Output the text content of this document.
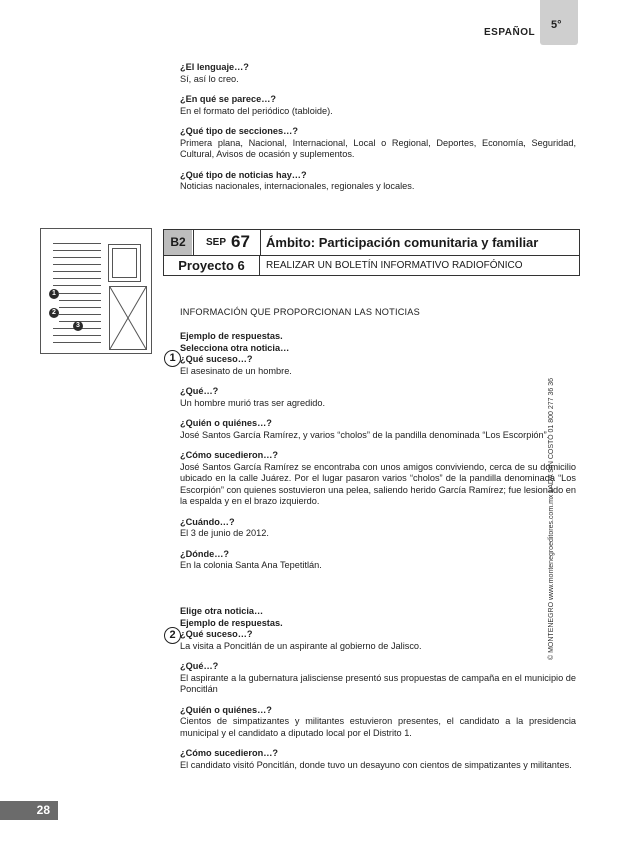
ESPAÑOL
5°

¿El lenguaje…?

Sí, así lo creo.

¿En qué se parece…?

En el formato del periódico (tabloide).

¿Qué tipo de secciones…?

Primera plana, Nacional, Internacional, Local o Regional, Deportes, Economía, Seguridad, Cultural, Avisos de ocasión y suplementos.

¿Qué tipo de noticias hay…?

Noticias nacionales, internacionales, regionales y locales.

1
2
3
B2	SEP 67 Ámbito: Participación comunitaria y familiar
Proyecto 6	REALIZAR UN BOLETÍN INFORMATIVO RADIOFÓNICO
INFORMACIÓN QUE PROPORCIONAN LAS NOTICIAS
1

Ejemplo de respuestas.

Selecciona otra noticia…

¿Qué suceso…?

El asesinato de un hombre.

¿Qué…?

Un hombre murió tras ser agredido.

¿Quién o quiénes…?

José Santos García Ramírez, y varios “cholos” de la pandilla denominada “Los Escorpión”.

¿Cómo sucedieron…?

José Santos García Ramírez se encontraba con unos amigos conviviendo, cerca de su domicilio ubicado en la calle Juárez. Por el lugar pasaron varios “cholos” de la pandilla denominada “Los Escorpión” con quienes sostuvieron una pelea, saliendo herido García Ramírez; fue lesionado en la espalda y en el brazo izquierdo.

¿Cuándo…?

El 3 de junio de 2012.

¿Dónde…?

En la colonia Santa Ana Tepetitlán.

2

Elige otra noticia…

Ejemplo de respuestas.

¿Qué suceso…?

La visita a Poncitlán de un aspirante al gobierno de Jalisco.

¿Qué…?

El aspirante a la gubernatura jalisciense presentó sus propuestas de campaña en el municipio de Poncitlán

¿Quién o quiénes…?

Cientos de simpatizantes y militantes estuvieron presentes, el candidato a la presidencia municipal y el candidato a diputado local por el Distrito 1.

¿Cómo sucedieron…?

El candidato visitó Poncitlán, donde tuvo un desayuno con cientos de simpatizantes y militantes.

© MONTENEGRO www.montenegroeditores.com.mx LADA SIN COSTO 01 800 277 36 36
28
